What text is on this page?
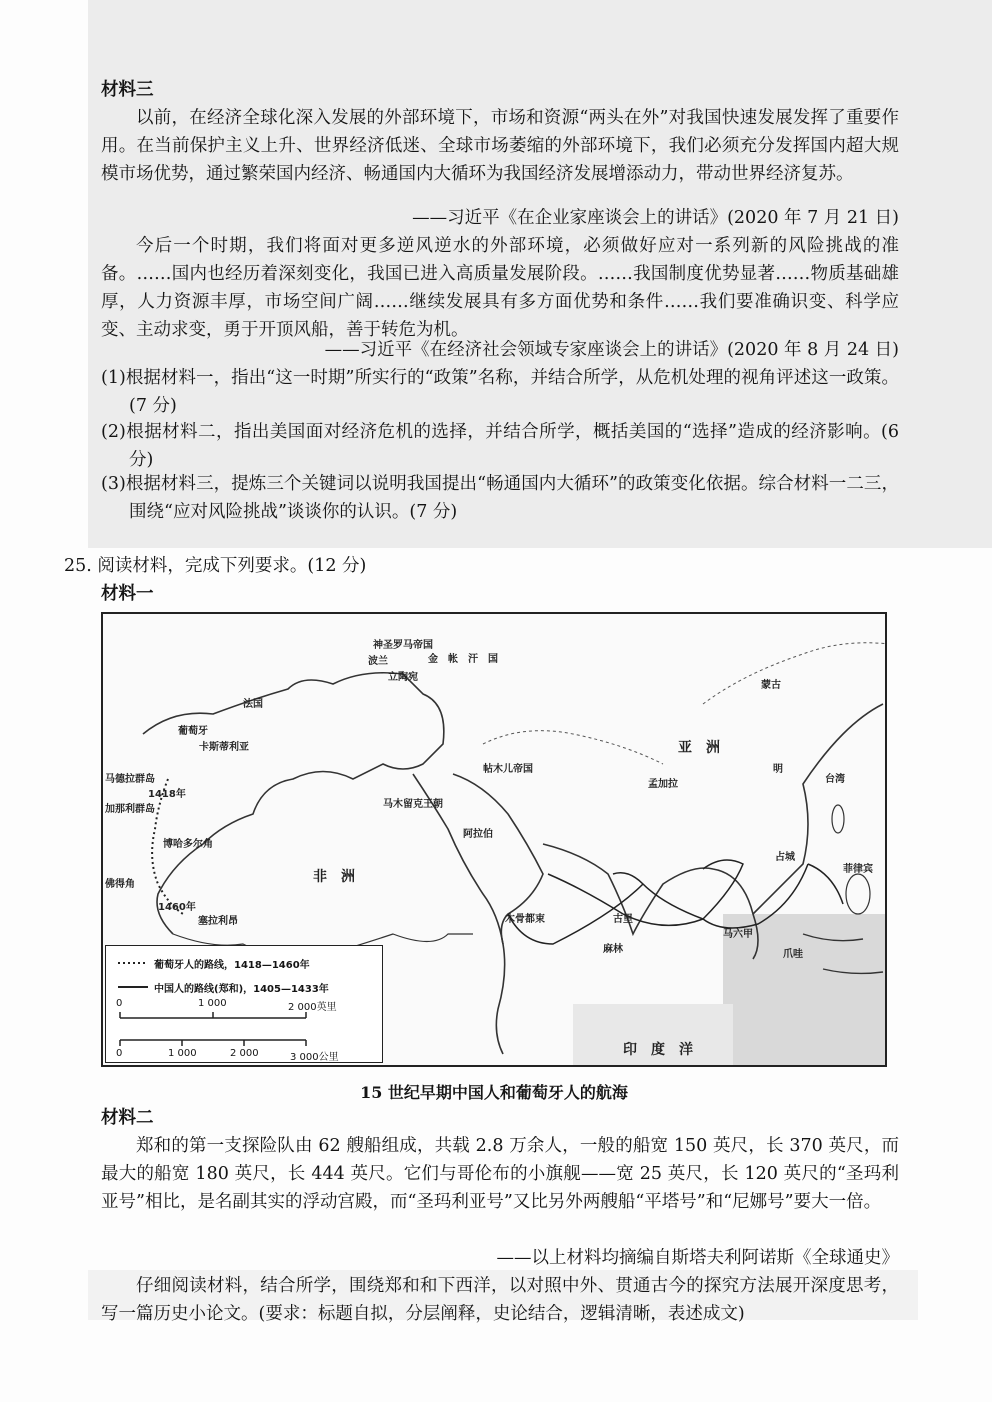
材料三
以前，在经济全球化深入发展的外部环境下，市场和资源“两头在外”对我国快速发展发挥了重要作用。在当前保护主义上升、世界经济低迷、全球市场萎缩的外部环境下，我们必须充分发挥国内超大规模市场优势，通过繁荣国内经济、畅通国内大循环为我国经济发展增添动力，带动世界经济复苏。
——习近平《在企业家座谈会上的讲话》(2020 年 7 月 21 日)
今后一个时期，我们将面对更多逆风逆水的外部环境，必须做好应对一系列新的风险挑战的准备。……国内也经历着深刻变化，我国已进入高质量发展阶段。……我国制度优势显著……物质基础雄厚，人力资源丰厚，市场空间广阔……继续发展具有多方面优势和条件……我们要准确识变、科学应变、主动求变，勇于开顶风船，善于转危为机。
——习近平《在经济社会领域专家座谈会上的讲话》(2020 年 8 月 24 日)
(1)根据材料一，指出“这一时期”所实行的“政策”名称，并结合所学，从危机处理的视角评述这一政策。(7 分)
(2)根据材料二，指出美国面对经济危机的选择，并结合所学，概括美国的“选择”造成的经济影响。(6 分)
(3)根据材料三，提炼三个关键词以说明我国提出“畅通国内大循环”的政策变化依据。综合材料一二三，围绕“应对风险挑战”谈谈你的认识。(7 分)
25. 阅读材料，完成下列要求。(12 分)
材料一
亚　洲
非　洲
印　度　洋
神圣罗马帝国
波兰
立陶宛
金　帐　汗　国
蒙古
明
法国
葡萄牙
卡斯蒂利亚
马德拉群岛
加那利群岛
博哈多尔角
佛得角
塞拉利昂
马木留克王朝
阿拉伯
帖木儿帝国
孟加拉
古里
马六甲
占城
爪哇
台湾
菲律宾
木骨都束
麻林
1418年
1460年
葡萄牙人的路线，1418—1460年
中国人的路线(郑和)，1405—1433年
0	1 000	2 000英里
0	1 000	2 000	3 000公里
15 世纪早期中国人和葡萄牙人的航海
材料二
郑和的第一支探险队由 62 艘船组成，共载 2.8 万余人，一般的船宽 150 英尺，长 370 英尺，而最大的船宽 180 英尺，长 444 英尺。它们与哥伦布的小旗舰——宽 25 英尺，长 120 英尺的“圣玛利亚号”相比，是名副其实的浮动宫殿，而“圣玛利亚号”又比另外两艘船“平塔号”和“尼娜号”要大一倍。
——以上材料均摘编自斯塔夫利阿诺斯《全球通史》
仔细阅读材料，结合所学，围绕郑和和下西洋，以对照中外、贯通古今的探究方法展开深度思考，写一篇历史小论文。(要求：标题自拟，分层阐释，史论结合，逻辑清晰，表述成文)
